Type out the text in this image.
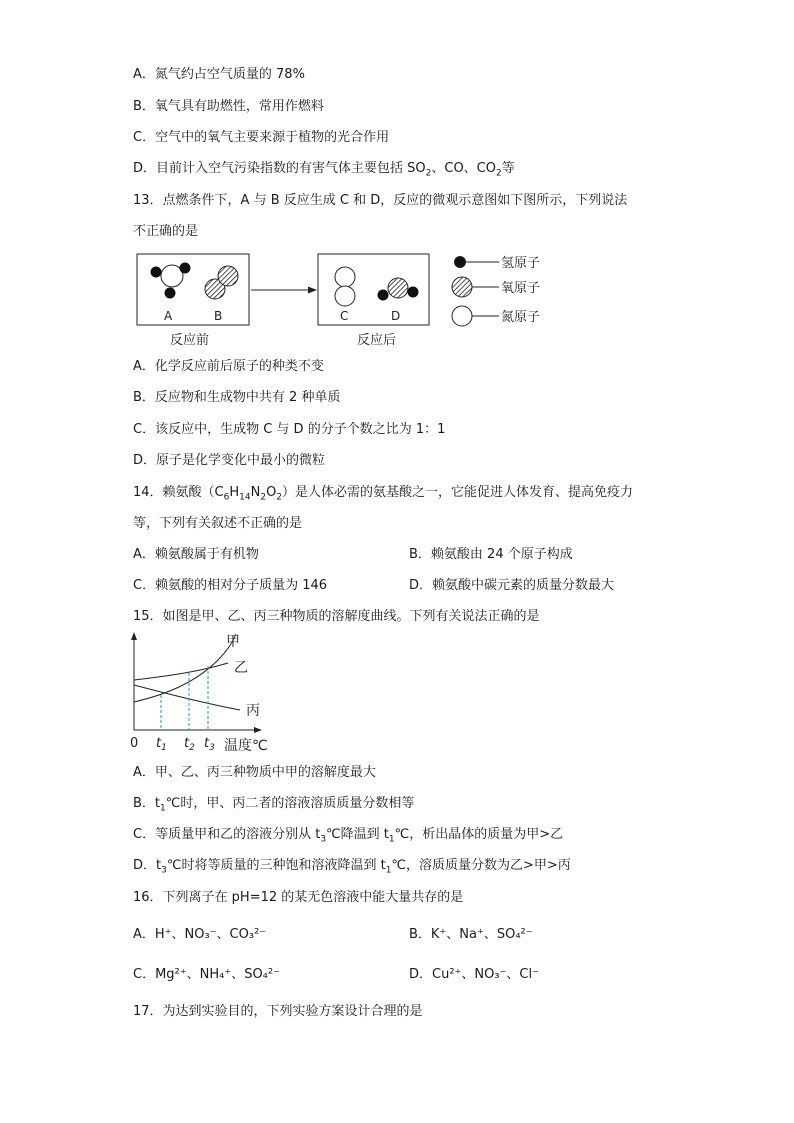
A．氮气约占空气质量的 78%
B．氧气具有助燃性，常用作燃料
C．空气中的氧气主要来源于植物的光合作用
D．目前计入空气污染指数的有害气体主要包括 $SO_2$、CO、$CO_2$等
13．点燃条件下，A 与 B 反应生成 C 和 D，反应的微观示意图如下图所示，下列说法
不正确的是
A	B	C	D
反应前	反应后
氢原子
氧原子
氮原子
A．化学反应前后原子的种类不变
B．反应物和生成物中共有 2 种单质
C．该反应中，生成物 C 与 D 的分子个数之比为 1：1
D．原子是化学变化中最小的微粒
14．赖氨酸$(C_6H_{14}N_2O_2)$是人体必需的氨基酸之一，它能促进人体发育、提高免疫力
等，下列有关叙述不正确的是
A．赖氨酸属于有机物	B．赖氨酸由 24 个原子构成
C．赖氨酸的相对分子质量为 146	D．赖氨酸中碳元素的质量分数最大
15．如图是甲、乙、丙三种物质的溶解度曲线。下列有关说法正确的是
甲
乙
丙
0 $t_1$ $t_2$ $t_3$ 温度℃
A．甲、乙、丙三种物质中甲的溶解度最大
B．$t_1℃$时，甲、丙二者的溶液溶质质量分数相等
C．等质量甲和乙的溶液分别从 $t_3℃$降温到 $t_1℃$，析出晶体的质量为甲>乙
D．$t_3℃$时将等质量的三种饱和溶液降温到 $t_1℃$，溶质质量分数为乙>甲>丙
16．下列离子在 pH=12 的某无色溶液中能大量共存的是
A．H⁺、NO₃⁻、CO₃²⁻	B．K⁺、Na⁺、SO₄²⁻
C．Mg²⁺、NH₄⁺、SO₄²⁻	D．Cu²⁺、NO₃⁻、Cl⁻
17．为达到实验目的，下列实验方案设计合理的是
